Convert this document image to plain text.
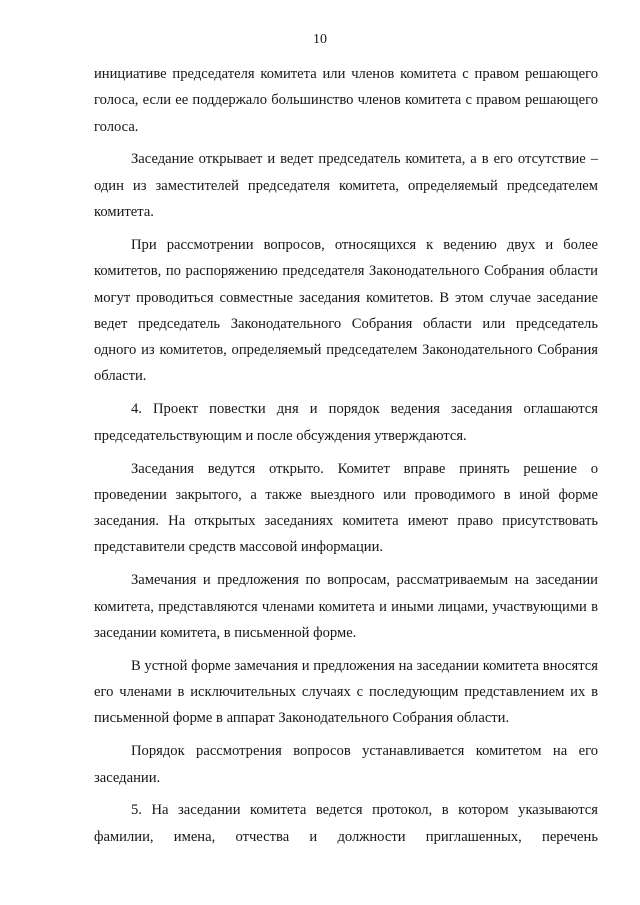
10

инициативе председателя комитета или членов комитета с правом решающего голоса, если ее поддержало большинство членов комитета с правом решающего голоса.

Заседание открывает и ведет председатель комитета, а в его отсутствие – один из заместителей председателя комитета, определяемый председателем комитета.

При рассмотрении вопросов, относящихся к ведению двух и более комитетов, по распоряжению председателя Законодательного Собрания области могут проводиться совместные заседания комитетов. В этом случае заседание ведет председатель Законодательного Собрания области или председатель одного из комитетов, определяемый председателем Законодательного Собрания области.

4. Проект повестки дня и порядок ведения заседания оглашаются председательствующим и после обсуждения утверждаются.

Заседания ведутся открыто. Комитет вправе принять решение о проведении закрытого, а также выездного или проводимого в иной форме заседания. На открытых заседаниях комитета имеют право присутствовать представители средств массовой информации.

Замечания и предложения по вопросам, рассматриваемым на заседании комитета, представляются членами комитета и иными лицами, участвующими в заседании комитета, в письменной форме.

В устной форме замечания и предложения на заседании комитета вносятся его членами в исключительных случаях с последующим представлением их в письменной форме в аппарат Законодательного Собрания области.

Порядок рассмотрения вопросов устанавливается комитетом на его заседании.

5. На заседании комитета ведется протокол, в котором указываются фамилии, имена, отчества и должности приглашенных, перечень
